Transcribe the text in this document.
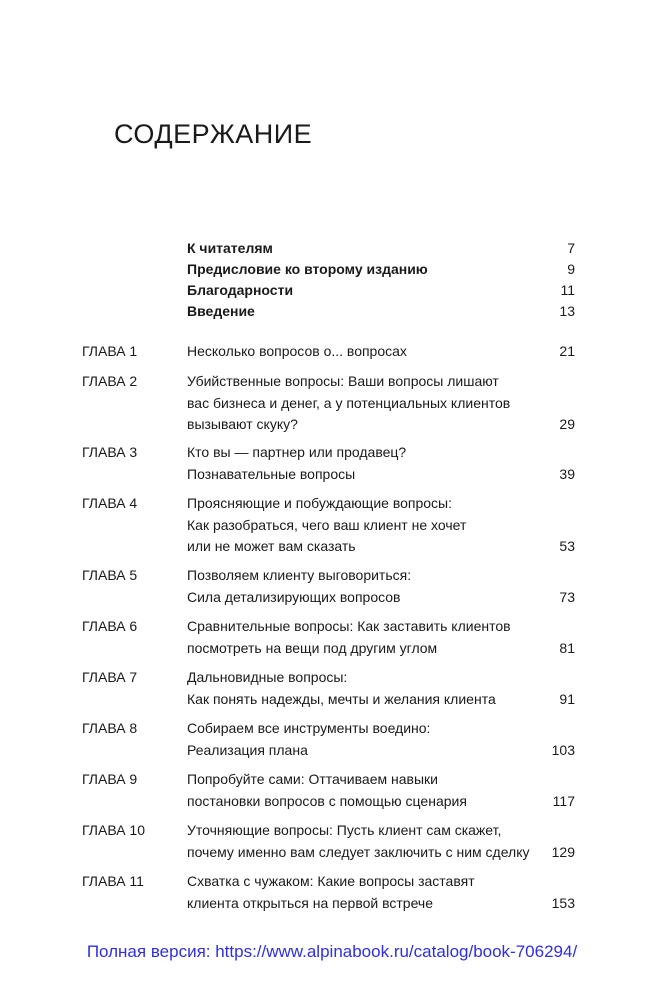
СОДЕРЖАНИЕ
К читателям	7
Предисловие ко второму изданию	9
Благодарности	11
Введение	13
ГЛАВА 1	Несколько вопросов о... вопросах	21
ГЛАВА 2	Убийственные вопросы: Ваши вопросы лишают
вас бизнеса и денег, а у потенциальных клиентов
вызывают скуку?	29
ГЛАВА 3	Кто вы — партнер или продавец?
Познавательные вопросы	39
ГЛАВА 4	Проясняющие и побуждающие вопросы:
Как разобраться, чего ваш клиент не хочет
или не может вам сказать	53
ГЛАВА 5	Позволяем клиенту выговориться:
Сила детализирующих вопросов	73
ГЛАВА 6	Сравнительные вопросы: Как заставить клиентов
посмотреть на вещи под другим углом	81
ГЛАВА 7	Дальновидные вопросы:
Как понять надежды, мечты и желания клиента	91
ГЛАВА 8	Собираем все инструменты воедино:
Реализация плана	103
ГЛАВА 9	Попробуйте сами: Оттачиваем навыки
постановки вопросов с помощью сценария	117
ГЛАВА 10	Уточняющие вопросы: Пусть клиент сам скажет,
почему именно вам следует заключить с ним сделку 129
ГЛАВА 11	Схватка с чужаком: Какие вопросы заставят
клиента открыться на первой встрече	153
Полная версия: https://www.alpinabook.ru/catalog/book-706294/
